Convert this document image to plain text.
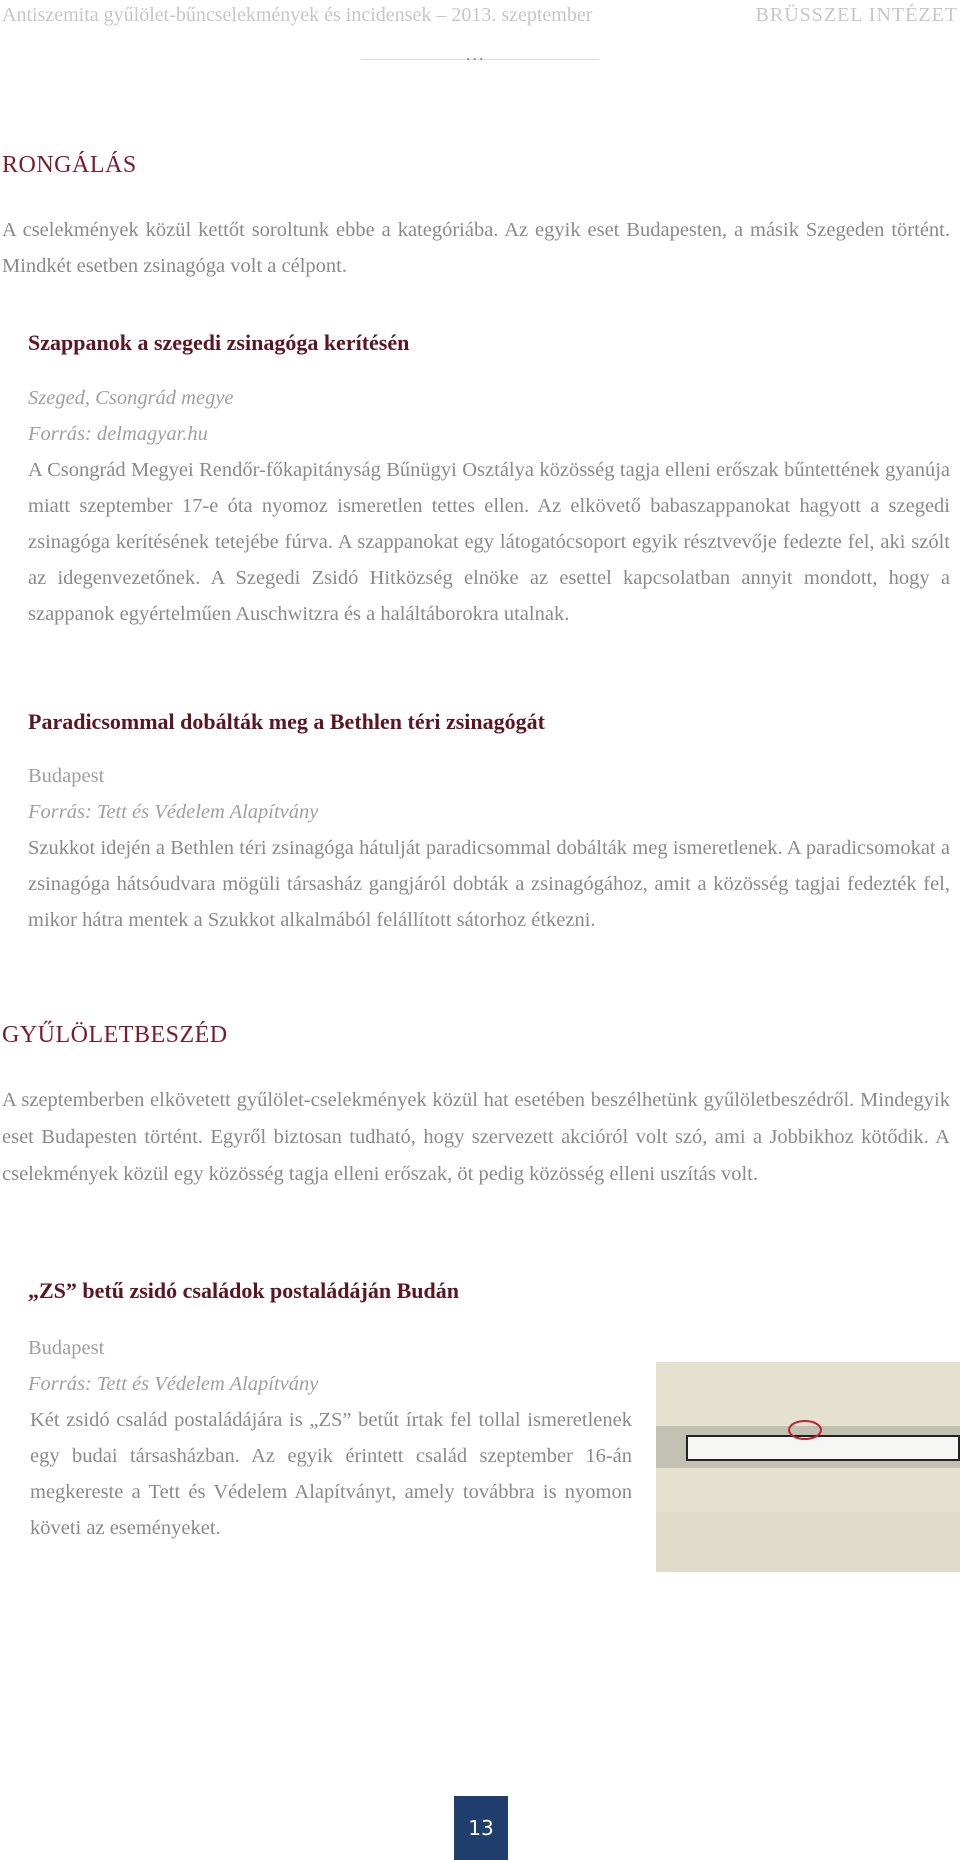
Antiszemita gyűlölet-bűncselekmények és incidensek – 2013. szeptember	BRÜSSZEL INTÉZET
...
RONGÁLÁS

A cselekmények közül kettőt soroltunk ebbe a kategóriába. Az egyik eset Budapesten, a másik Szegeden történt. Mindkét esetben zsinagóga volt a célpont.

Szappanok a szegedi zsinagóga kerítésén
Szeged, Csongrád megye
Forrás: delmagyar.hu

A Csongrád Megyei Rendőr-főkapitányság Bűnügyi Osztálya közösség tagja elleni erőszak bűntettének gyanúja miatt szeptember 17-e óta nyomoz ismeretlen tettes ellen. Az elkövető babaszappanokat hagyott a szegedi zsinagóga kerítésének tetejébe fúrva. A szappanokat egy látogatócsoport egyik résztvevője fedezte fel, aki szólt az idegenvezetőnek. A Szegedi Zsidó Hitközség elnöke az esettel kapcsolatban annyit mondott, hogy a szappanok egyértelműen Auschwitzra és a haláltáborokra utalnak.

Paradicsommal dobálták meg a Bethlen téri zsinagógát
Budapest
Forrás: Tett és Védelem Alapítvány

Szukkot idején a Bethlen téri zsinagóga hátulját paradicsommal dobálták meg ismeretlenek. A paradicsomokat a zsinagóga hátsóudvara mögüli társasház gangjáról dobták a zsinagógához, amit a közösség tagjai fedezték fel, mikor hátra mentek a Szukkot alkalmából felállított sátorhoz étkezni.

GYŰLÖLETBESZÉD

A szeptemberben elkövetett gyűlölet-cselekmények közül hat esetében beszélhetünk gyűlöletbeszédről. Mindegyik eset Budapesten történt. Egyről biztosan tudható, hogy szervezett akcióról volt szó, ami a Jobbikhoz kötődik. A cselekmények közül egy közösség tagja elleni erőszak, öt pedig közösség elleni uszítás volt.

„ZS” betű zsidó családok postaládáján Budán
Budapest
Forrás: Tett és Védelem Alapítvány

Két zsidó család postaládájára is „ZS” betűt írtak fel tollal ismeretlenek egy budai társasházban. Az egyik érintett család szeptember 16-án megkereste a Tett és Védelem Alapítványt, amely továbbra is nyomon követi az eseményeket.

13
